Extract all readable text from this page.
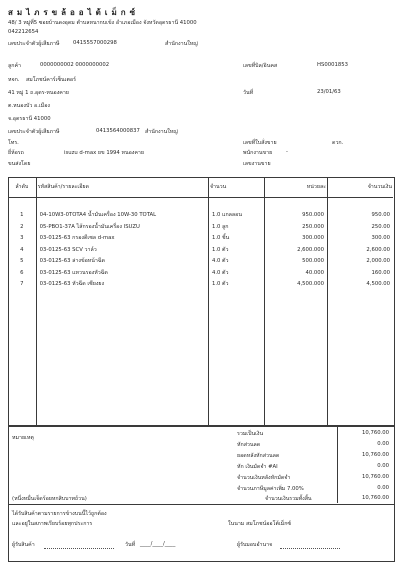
ส ม ไ ภ ร ข ล้ อ อ ไ ต้ เ ม็ ก ซ์
48/ 3 หมู่ที่5 ซอยบ้านดงอุดม ตำบลหนากบเข้ง อำเภอเมือง จังหวัดอุดรธานี 41000
042212654
เลขประจำตัวผู้เสียภาษี	0415557000298	สำนักงานใหญ่
ลูกค้า	0000000002 0000000002
หจก. สมโภชน์คาร์เซ็นเตอร์
41 หมู่ 1 ถ.อุดร-หนองคาย
ต.หนองบัว อ.เมือง
จ.อุดรธานี 41000
เลขประจำตัวผู้เสียภาษี	0413564000837 สำนักงานใหญ่
โทร.
ยี่ห้อรถ	isuzu d-max ยข 1994 หนองคาย
ขนส่งโดย
เลขที่บิล/อินคส	HS0001853
วันที่	23/01/63
เลขที่ใบสั่งขาย	ดวก.
พนักงานขาย	-
เลขงานขาย
ลำดับ	รหัสสินค้า/รายละเอียด	จำนวน	หน่วยละ	จำนวนเงิน

1	04-10W3-0TOTA4 น้ำมันเครื่อง 10W-30 TOTAL	1.0 แกลลอน	950.000	950.00
2	05-PBO1-37A ไส้กรองน้ำมันเครื่อง ISUZU	1.0 ลูก	250.000	250.00
3	03-0125-63 กรองดีเซล d-max	1.0 ชิ้น	300.000	300.00
4	03-0125-63 SCV วาล์ว	1.0 ตัว	2,600.000	2,600.00
5	03-0125-63 ล่างข้อหน้าฉีด	4.0 ตัว	500.000	2,000.00
6	03-0125-63 แหวนรองหัวฉีด	4.0 ตัว	40.000	160.00
7	03-0125-63 หัวฉีด เซียงยง	1.0 ตัว	4,500.000	4,500.00

หมายเหตุ
รวมเป็นเงิน	10,760.00
หักส่วนลด	0.00
ยอดหลังหักส่วนลด	10,760.00
หัก เงินมัดจำ #AI	0.00
จำนวนเงินหลังหักมัดจำ	10,760.00
จำนวนภาษีมูลค่าเพิ่ม 7.00%	0.00
(หนึ่งหมื่นเจ็ดร้อยหกสิบบาทถ้วน)	จำนวนเงินรวมทั้งสิ้น	10,760.00
ได้รับสินค้าตามรายการข้างบนนี้ไว้ถูกต้อง
และอยู่ในสภาพเรียบร้อยทุกประการ	ในนาม สมโภชน์ออโต้เม็กซ์
ผู้รับสินค้า	วันที่ ____/____/____	ผู้รับมอบอำนาจ
